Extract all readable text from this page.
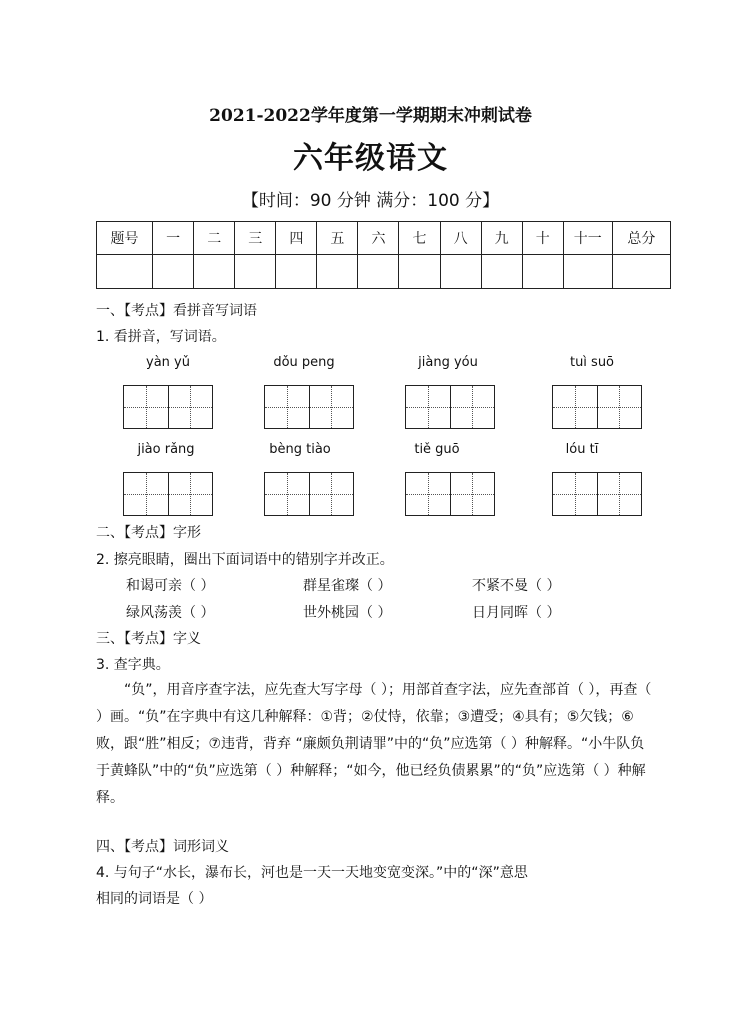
2021-2022学年度第一学期期末冲刺试卷
六年级语文
【时间：90 分钟 满分：100 分】
题号	一	二	三	四	五	六	七	八	九	十	十一	总分

一、【考点】看拼音写词语
1. 看拼音，写词语。
yàn yǔ	dǒu peng	jiàng yóu	tuì suō
jiào rǎng	bèng tiào	tiě guō	lóu tī
二、【考点】字形
2. 擦亮眼睛，圈出下面词语中的错别字并改正。
和谒可亲（ ）	群星雀璨（ ）	不紧不曼（ ）
绿风荡羡（ ）	世外桃园（ ）	日月同晖（ ）
三、【考点】字义
3. 查字典。
“负”，用音序查字法，应先查大写字母（ ）；用部首查字法，应先查部首（ ），再查（ ）画。“负”在字典中有这几种解释：①背；②仗恃，依靠；③遭受；④具有；⑤欠钱；⑥败，跟“胜”相反；⑦违背，背弃 “廉颇负荆请罪”中的“负”应选第（ ）种解释。“小牛队负于黄蜂队”中的“负”应选第（ ）种解释；“如今，他已经负债累累”的“负”应选第（ ）种解释。
四、【考点】词形词义
4. 与句子“水长，瀑布长，河也是一天一天地变宽变深。”中的“深”意思
相同的词语是（ ）
